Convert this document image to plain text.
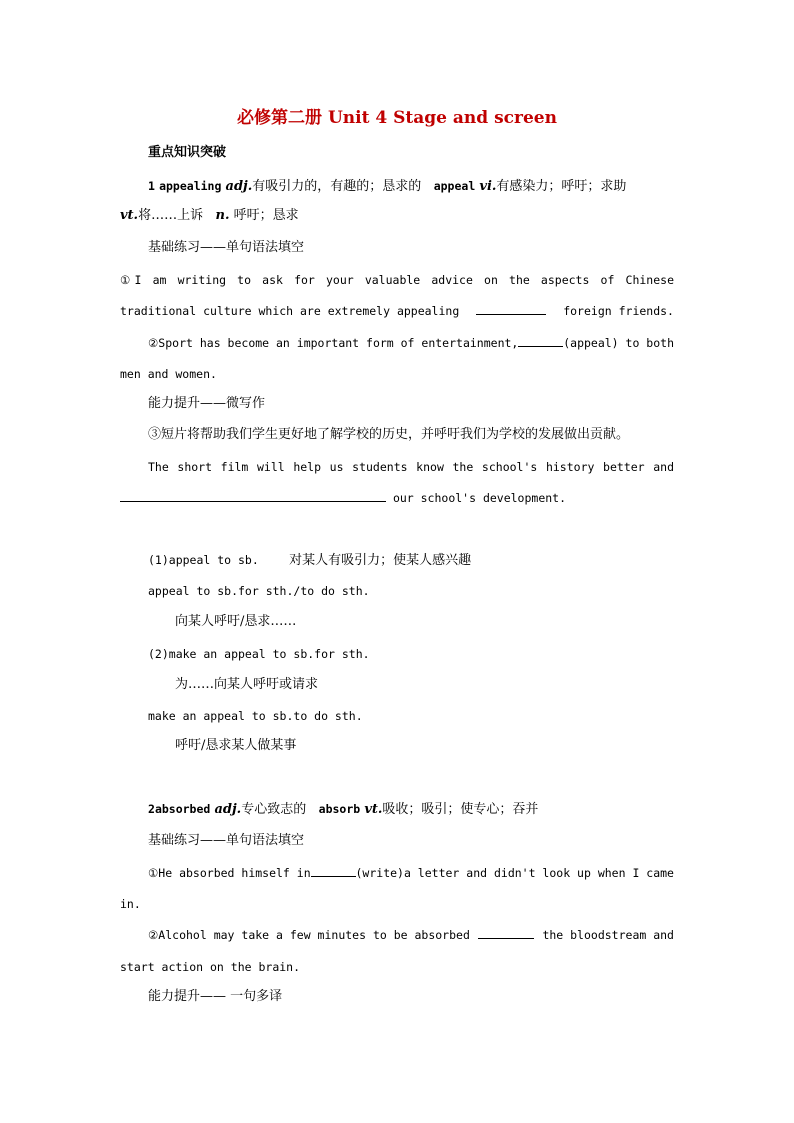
必修第二册 Unit 4 Stage and screen
重点知识突破
1 appealing adj.有吸引力的，有趣的；恳求的 appeal vi.有感染力；呼吁；求助
vt.将……上诉 n. 呼吁；恳求
基础练习——单句语法填空
①I am writing to ask for your valuable advice on the aspects of Chinese
traditional culture which are extremely appealing	foreign friends.
②Sport has become an important form of entertainment,	(appeal) to both
men and women.
能力提升——微写作
③短片将帮助我们学生更好地了解学校的历史，并呼吁我们为学校的发展做出贡献。
The short film will help us students know the school's history better and
our school's development.
(1)appeal to sb. 对某人有吸引力；使某人感兴趣
appeal to sb.for sth./to do sth.
向某人呼吁/恳求……
(2)make an appeal to sb.for sth.
为……向某人呼吁或请求
make an appeal to sb.to do sth.
呼吁/恳求某人做某事
2absorbed adj.专心致志的 absorb vt.吸收；吸引；使专心；吞并
基础练习——单句语法填空
①He absorbed himself in	(write)a letter and didn't look up when I came
in.
②Alcohol may take a few minutes to be absorbed	the bloodstream and
start action on the brain.
能力提升—— 一句多译
